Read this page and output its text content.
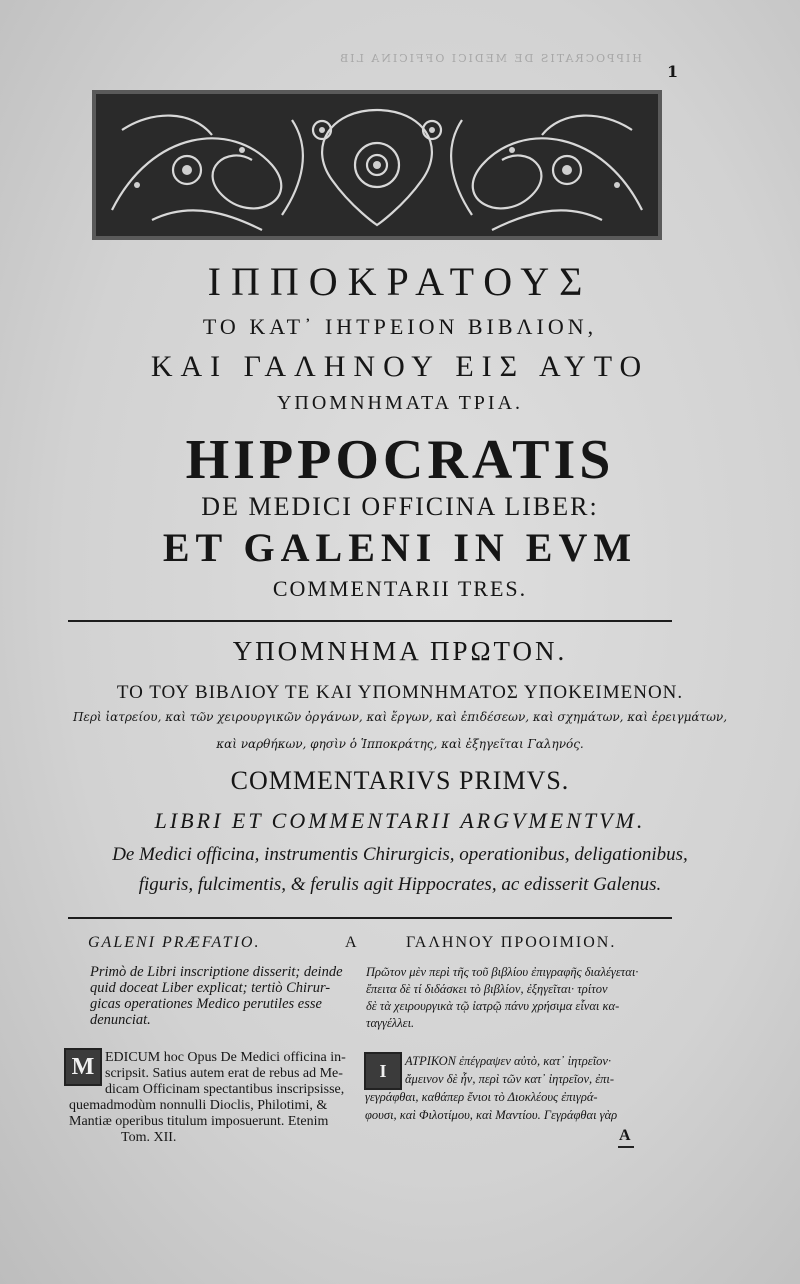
HIPPOCRATIS DE MEDICI OFFICINA LIB
1
ΙΠΠΟΚΡΑΤΟΥΣ
ΤΟ ΚΑΤ᾿ ΙΗΤΡΕΙΟΝ ΒΙΒΛΙΟΝ,
ΚΑΙ ΓΑΛΗΝΟΥ ΕΙΣ ΑΥΤΟ
ΥΠΟΜΝΗΜΑΤΑ ΤΡΙΑ.
HIPPOCRATIS
DE MEDICI OFFICINA LIBER:
ET GALENI IN EVM
COMMENTARII TRES.
ΥΠΟΜΝΗΜΑ ΠΡΩΤΟΝ.
ΤΟ ΤΟΥ ΒΙΒΛΙΟΥ ΤΕ ΚΑΙ ΥΠΟΜΝΗΜΑΤΟΣ ΥΠΟΚΕΙΜΕΝΟΝ.
Περὶ ἰατρείου, καὶ τῶν χειρουργικῶν ὀργάνων, καὶ ἔργων, καὶ ἐπιδέσεων, καὶ σχημάτων, καὶ ἐρειγμάτων,
καὶ ναρθήκων, φησὶν ὁ Ἱπποκράτης, καὶ ἐξηγεῖται Γαληνός.
COMMENTARIVS PRIMVS.
LIBRI ET COMMENTARII ARGVMENTVM.
De Medici officina, instrumentis Chirurgicis, operationibus, deligationibus,
figuris, fulcimentis, & ferulis agit Hippocrates, ac edisserit Galenus.
GALENI PRÆFATIO.	A	ΓΑΛΗΝΟΥ ΠΡΟΟΙΜΙΟΝ.
Primò de Libri inscriptione disserit; deinde
quid doceat Liber explicat; tertiò Chirur-
gicas operationes Medico perutiles esse
denunciat.
Πρῶτον μὲν περὶ τῆς τοῦ βιβλίου ἐπιγραφῆς διαλέγεται·
ἔπειτα δὲ τί διδάσκει τὸ βιβλίον, ἐξηγεῖται· τρίτον
δὲ τὰ χειρουργικὰ τῷ ἰατρῷ πάνυ χρήσιμα εἶναι κα-
ταγγέλλει.
M EDICUM hoc Opus De Medici officina in-
scripsit. Satius autem erat de rebus ad Me-
dicam Officinam spectantibus inscripsisse,
quemadmodùm nonnulli Dioclis, Philotimi, &
Mantiæ operibus titulum imposuerunt. Etenim
Tom. XII.
I	ΑΤΡΙΚΟΝ ἐπέγραψεν αὐτὸ, κατ᾿ ἰητρεῖον·
ἄμεινον δὲ ἦν, περὶ τῶν κατ᾿ ἰητρεῖον, ἐπι-
γεγράφθαι, καθάπερ ἔνιοι τὸ Διοκλέους ἐπιγρά-
φουσι, καὶ Φιλοτίμου, καὶ Μαντίου. Γεγράφθαι γὰρ
A
